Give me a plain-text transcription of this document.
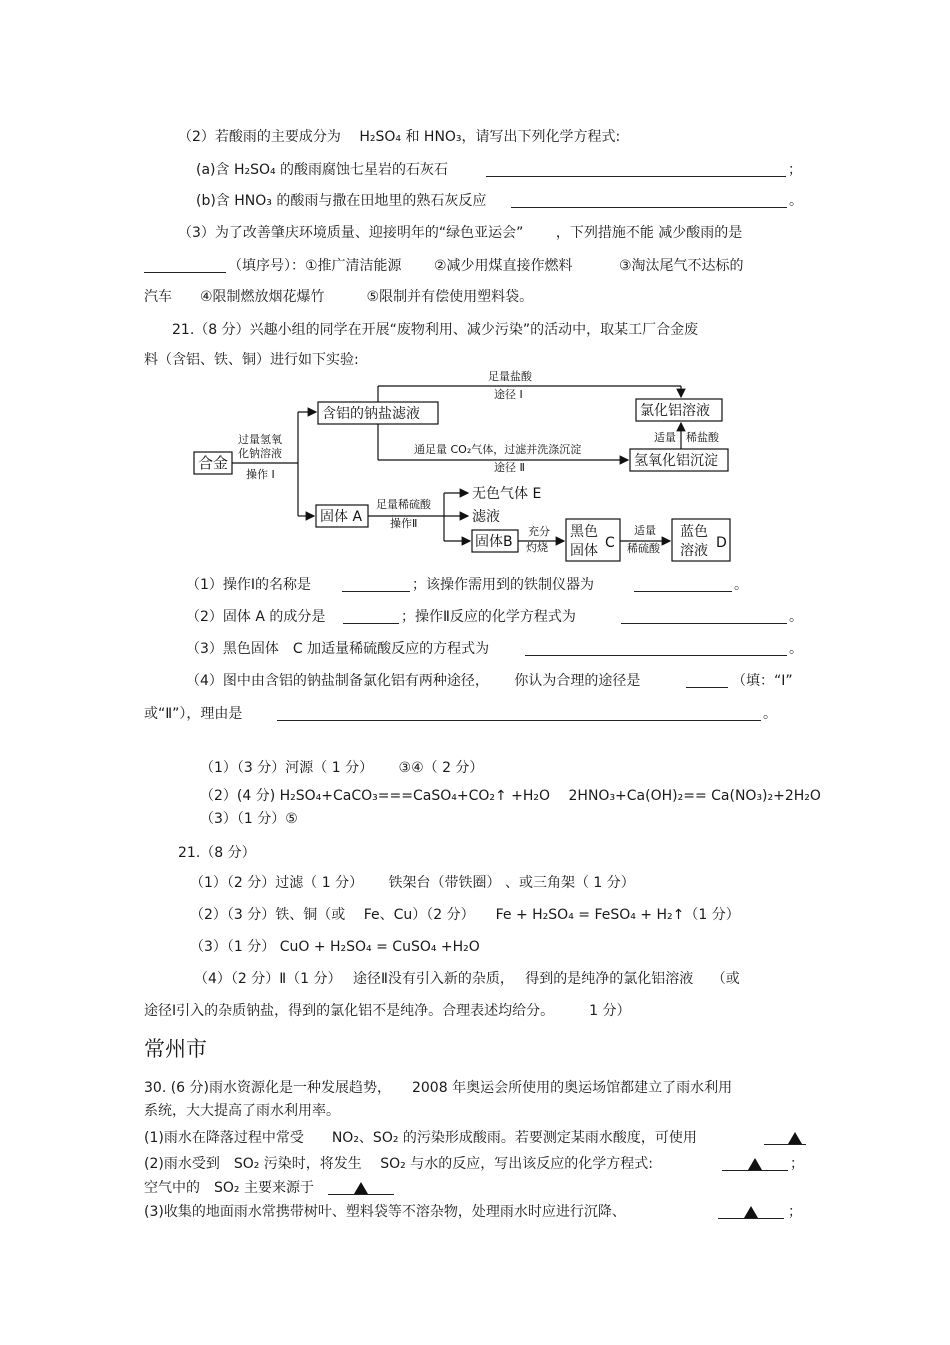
（2）若酸雨的主要成分为　 H₂SO₄ 和 HNO₃，请写出下列化学方程式:
(a)含 H₂SO₄ 的酸雨腐蚀七星岩的石灰石	；
(b)含 HNO₃ 的酸雨与撒在田地里的熟石灰反应	。
（3）为了改善肇庆环境质量、迎接明年的“绿色亚运会”　　 ，下列措施不能 减少酸雨的是
（填序号）：①推广清洁能源　　 ②减少用煤直接作燃料　　　 ③淘汰尾气不达标的
汽车　　④限制燃放烟花爆竹　　　⑤限制并有偿使用塑料袋。
21.（8 分）兴趣小组的同学在开展“废物利用、减少污染”的活动中，取某工厂合金废
料（含铝、铁、铜）进行如下实验:
合金
过量氢氧
化钠溶液
操作 Ⅰ
含铝的钠盐滤液
足量盐酸
途径 Ⅰ
氯化铝溶液
通足量 CO₂气体，过滤并洗涤沉淀
途径 Ⅱ	氢氧化铝沉淀
适量 稀盐酸
固体 A
足量稀硫酸
操作Ⅱ
无色气体 E
滤液
固体B
充分
灼烧
黑色
固体 C
适量
稀硫酸
蓝色
溶液 D
（1）操作Ⅰ的名称是	；该操作需用到的铁制仪器为	。
（2）固体 A 的成分是	；操作Ⅱ反应的化学方程式为	。
（3）黑色固体　C 加适量稀硫酸反应的方程式为	。
（4）图中由含铝的钠盐制备氯化铝有两种途径，　　 你认为合理的途径是	（填：“Ⅰ”
或“Ⅱ”），理由是	。
（1）（3 分）河源（ 1 分）　　 ③④（ 2 分）
（2）(4 分) H₂SO₄+CaCO₃===CaSO₄+CO₂↑ +H₂O　 2HNO₃+Ca(OH)₂== Ca(NO₃)₂+2H₂O
（3）（1 分）⑤
21.（8 分）
（1）（2 分）过滤（ 1 分）　　 铁架台（带铁圈） 、或三角架（ 1 分）
（2）（3 分）铁、铜（或　 Fe、Cu）（2 分）　　Fe + H₂SO₄ = FeSO₄ + H₂↑（1 分）
（3）（1 分） CuO + H₂SO₄ = CuSO₄ +H₂O
（4）（2 分）Ⅱ（1 分）　 途径Ⅱ没有引入新的杂质，　 得到的是纯净的氯化铝溶液　 （或
途径Ⅰ引入的杂质钠盐，得到的氯化铝不是纯净。合理表述均给分。　　　1 分）
常州市
30. (6 分)雨水资源化是一种发展趋势，　　2008 年奥运会所使用的奥运场馆都建立了雨水利用
系统，大大提高了雨水利用率。
(1)雨水在降落过程中常受　　NO₂、SO₂ 的污染形成酸雨。若要测定某雨水酸度，可使用
(2)雨水受到　SO₂ 污染时，将发生　 SO₂ 与水的反应，写出该反应的化学方程式:	；
空气中的　SO₂ 主要来源于
(3)收集的地面雨水常携带树叶、塑料袋等不溶杂物，处理雨水时应进行沉降、	；
